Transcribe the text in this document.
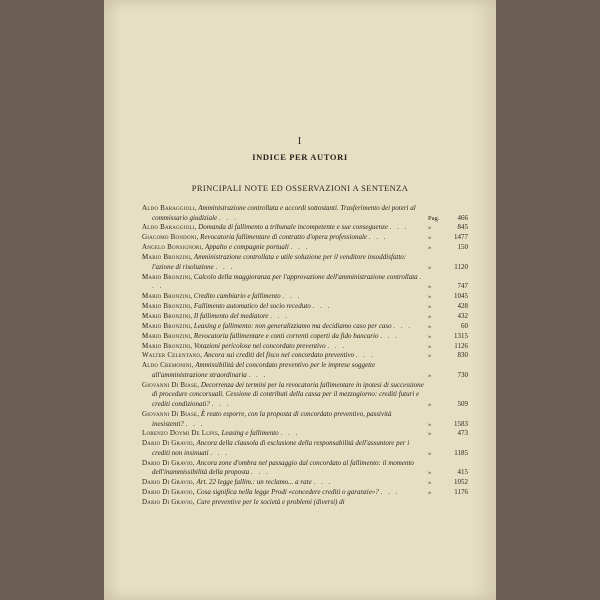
I
INDICE PER AUTORI
PRINCIPALI NOTE ED OSSERVAZIONI A SENTENZA
Aldo Baraggioli, Amministrazione controllata e accordi sottostanti. Trasferimento dei poteri al commissario giudiziale . . .	Pag.	466
Aldo Baraggioli, Domanda di fallimento a tribunale incompetente e sue conseguenze . . .	»	845
Giacomo Bondoni, Revocatoria fallimentare di contratto d'opera professionale . . .	»	1477
Angelo Bonsignori, Appalto e compagnie portuali . . .	»	150
Mario Bronzini, Amministrazione controllata e utile soluzione per il venditore insoddisfatto: l'azione di risoluzione . . .	»	1120
Mario Bronzini, Calcolo della maggioranza per l'approvazione dell'amministrazione controllata . . .	»	747
Mario Bronzini, Credito cambiario e fallimento . . .	»	1045
Mario Bronzini, Fallimento automatico del socio receduto . . .	»	428
Mario Bronzini, Il fallimento del mediatore . . .	»	432
Mario Bronzini, Leasing e fallimento: non generalizziamo ma decidiamo caso per caso . . .	»	60
Mario Bronzini, Revocatoria fallimentare e conti correnti coperti da fido bancario . . .	»	1315
Mario Bronzini, Votazioni pericolose nel concordato preventivo . . .	»	1126
Walter Celentano, Ancora sui crediti del fisco nel concordato preventivo . . .	»	830
Aldo Cremonini, Ammissibilità del concordato preventivo per le imprese soggette all'amministrazione straordinaria . . .	»	730
Giovanni Di Biase, Decorrenza dei termini per la revocatoria fallimentare in ipotesi di successione di procedure concorsuali. Cessione di contributi della cassa per il mezzogiorno: crediti futuri e crediti condizionati? . . .	»	509
Giovanni Di Biase, È reato esporre, con la proposta di concordato preventivo, passività inesistenti? . . .	»	1583
Lorenzo Doymi De Lupis, Leasing e fallimento . . .	»	473
Dario Di Gravio, Ancora della clausola di esclusione della responsabilità dell'assuntore per i crediti non insinuati . . .	»	1185
Dario Di Gravio, Ancora zone d'ombra nel passaggio dal concordato al fallimento: il momento dell'inammissibilità della proposta . . .	»	415
Dario Di Gravio, Art. 22 legge fallim.: un reclamo... a rate . . .	»	1052
Dario Di Gravio, Cosa significa nella legge Prodi «concedere crediti o garanzie»? . . .	»	1176
Dario Di Gravio, Cure preventive per le società e problemi (diversi) di
